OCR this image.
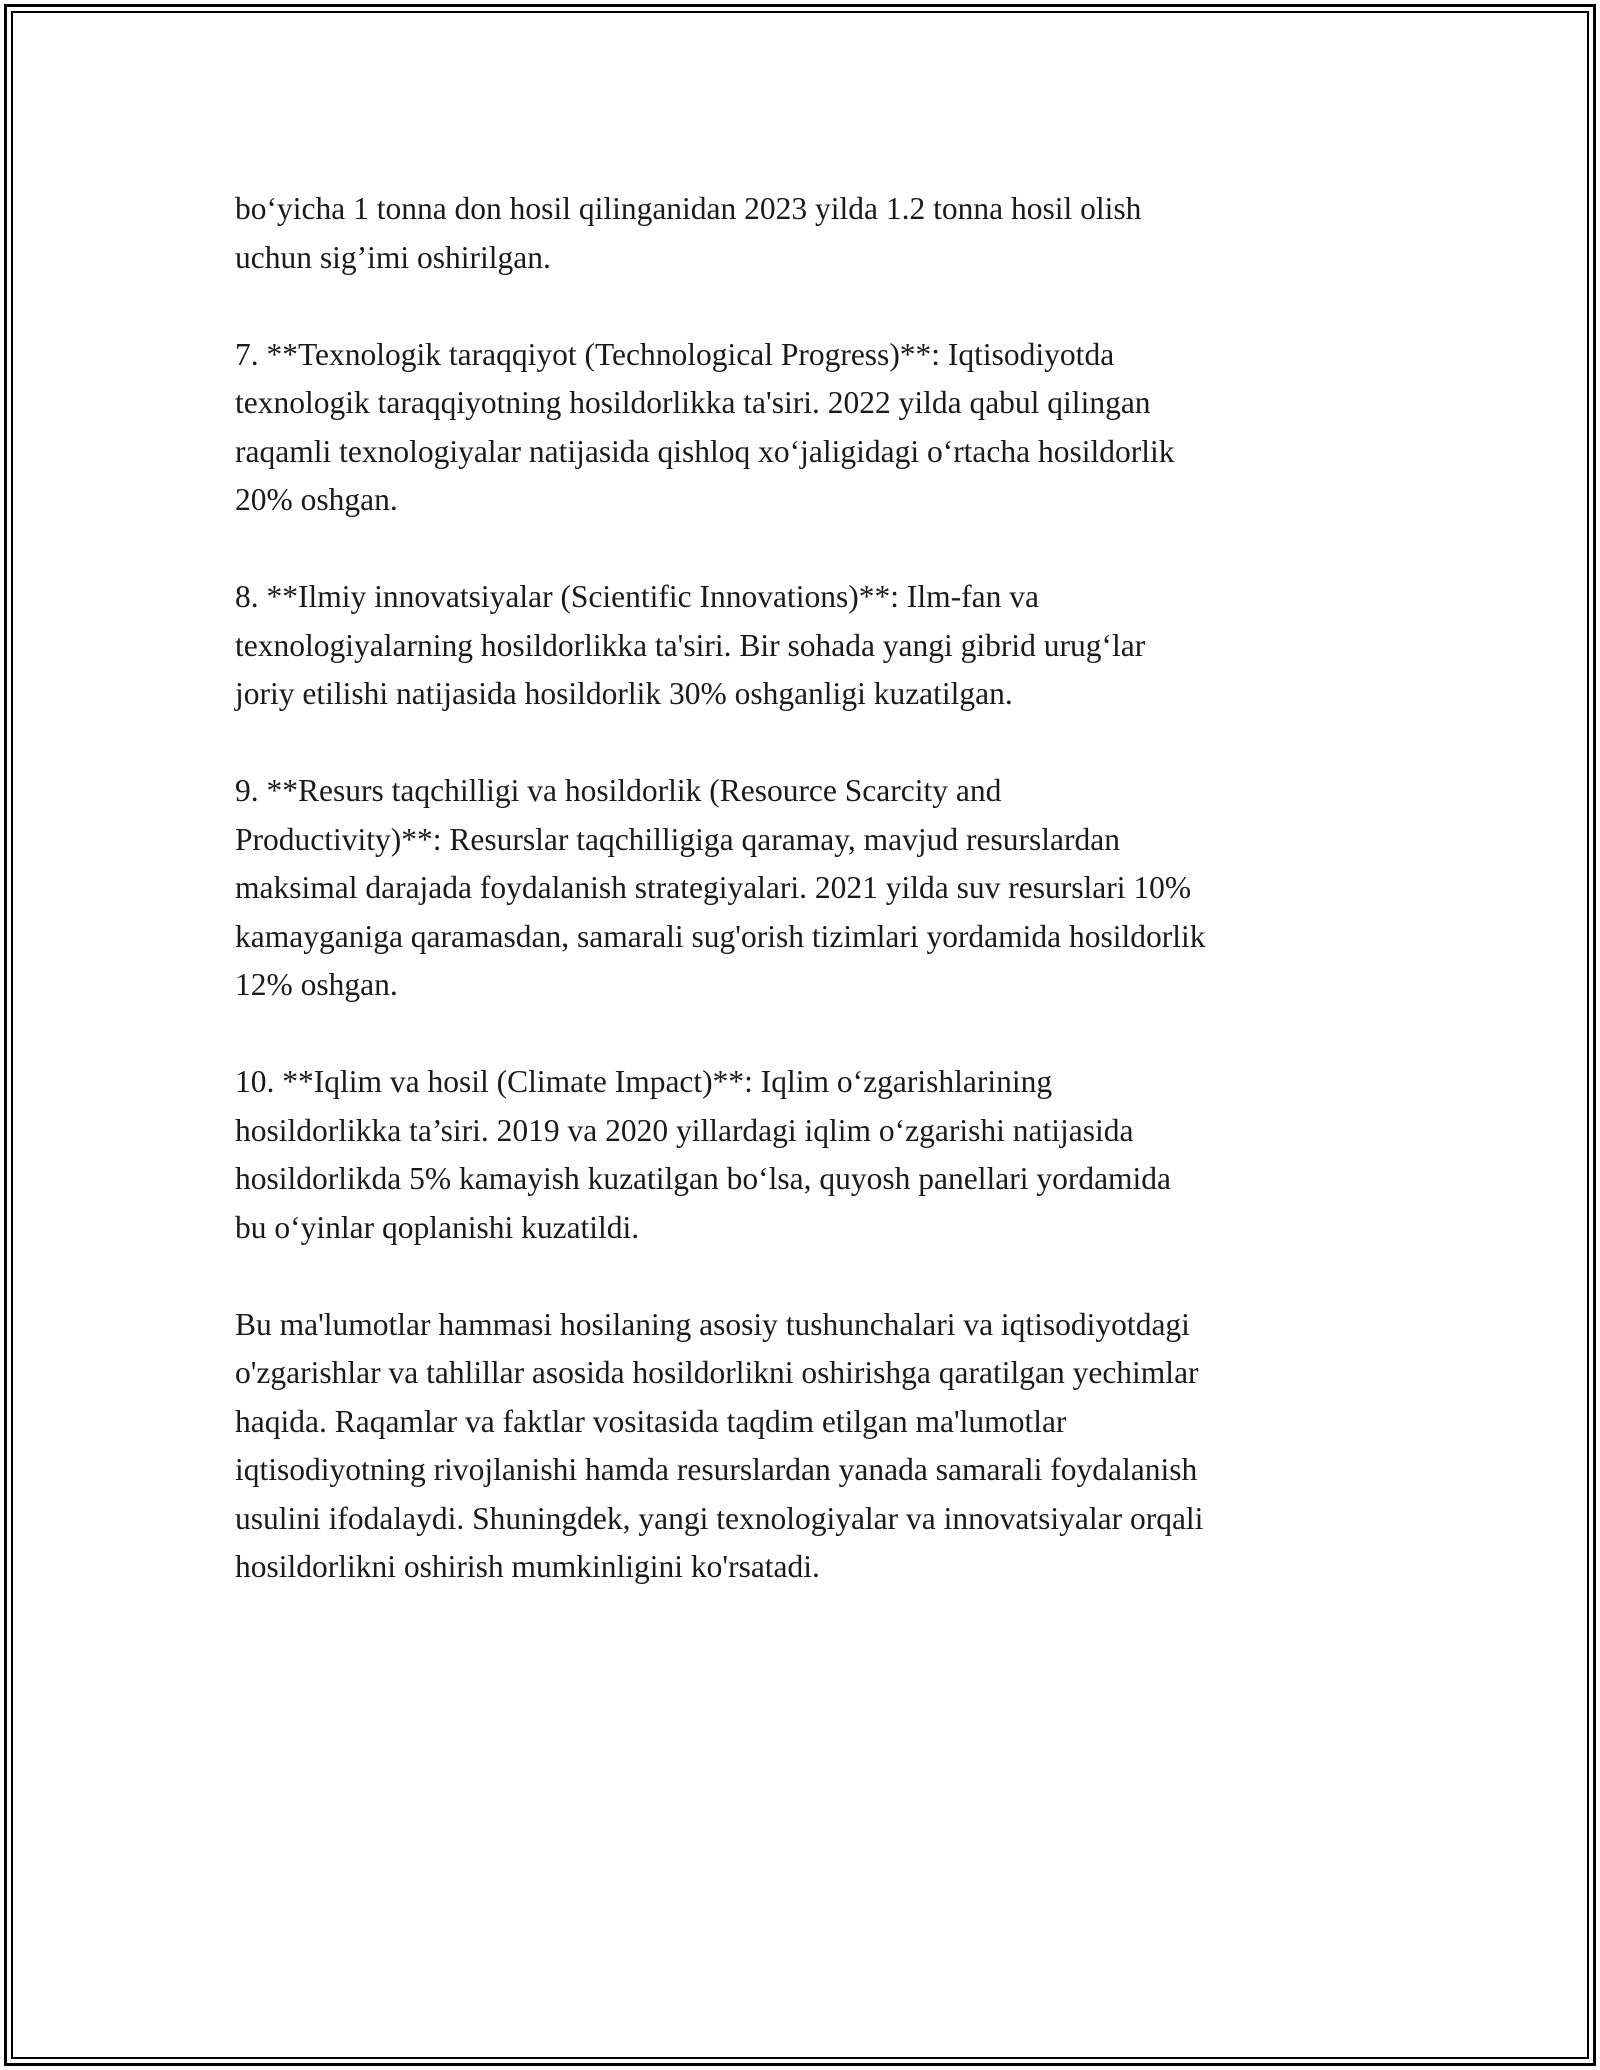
bo‘yicha 1 tonna don hosil qilinganidan 2023 yilda 1.2 tonna hosil olish
uchun sig’imi oshirilgan.

7. **Texnologik taraqqiyot (Technological Progress)**: Iqtisodiyotda
texnologik taraqqiyotning hosildorlikka ta'siri. 2022 yilda qabul qilingan
raqamli texnologiyalar natijasida qishloq xo‘jaligidagi o‘rtacha hosildorlik
20% oshgan.

8. **Ilmiy innovatsiyalar (Scientific Innovations)**: Ilm-fan va
texnologiyalarning hosildorlikka ta'siri. Bir sohada yangi gibrid urug‘lar
joriy etilishi natijasida hosildorlik 30% oshganligi kuzatilgan.

9. **Resurs taqchilligi va hosildorlik (Resource Scarcity and
Productivity)**: Resurslar taqchilligiga qaramay, mavjud resurslardan
maksimal darajada foydalanish strategiyalari. 2021 yilda suv resurslari 10%
kamayganiga qaramasdan, samarali sug'orish tizimlari yordamida hosildorlik
12% oshgan.

10. **Iqlim va hosil (Climate Impact)**: Iqlim o‘zgarishlarining
hosildorlikka ta’siri. 2019 va 2020 yillardagi iqlim o‘zgarishi natijasida
hosildorlikda 5% kamayish kuzatilgan bo‘lsa, quyosh panellari yordamida
bu o‘yinlar qoplanishi kuzatildi.

Bu ma'lumotlar hammasi hosilaning asosiy tushunchalari va iqtisodiyotdagi
o'zgarishlar va tahlillar asosida hosildorlikni oshirishga qaratilgan yechimlar
haqida. Raqamlar va faktlar vositasida taqdim etilgan ma'lumotlar
iqtisodiyotning rivojlanishi hamda resurslardan yanada samarali foydalanish
usulini ifodalaydi. Shuningdek, yangi texnologiyalar va innovatsiyalar orqali
hosildorlikni oshirish mumkinligini ko'rsatadi.
